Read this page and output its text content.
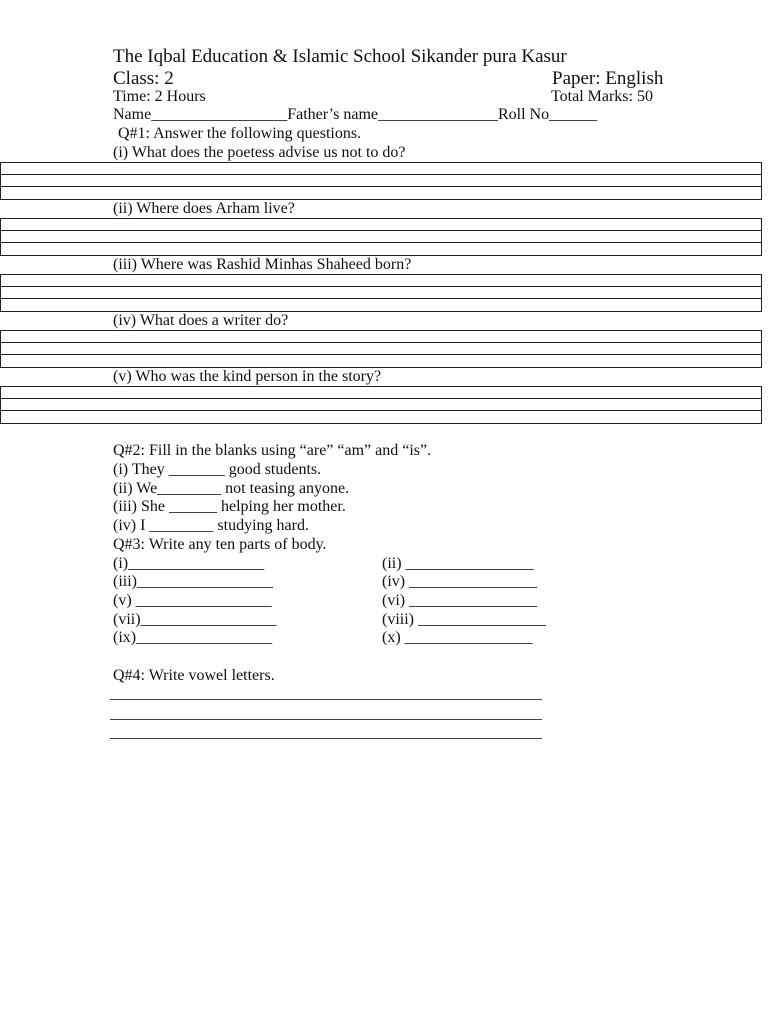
The Iqbal Education & Islamic School Sikander pura Kasur
Class: 2	Paper: English
Time: 2 Hours	Total Marks: 50
Name_________________Father’s name_______________Roll No______
Q#1: Answer the following questions.
(i) What does the poetess advise us not to do?
(ii) Where does Arham live?
(iii) Where was Rashid Minhas Shaheed born?
(iv) What does a writer do?
(v) Who was the kind person in the story?
Q#2: Fill in the blanks using “are” “am” and “is”.
(i) They _______ good students.
(ii) We________ not teasing anyone.
(iii) She ______ helping her mother.
(iv) I ________ studying hard.
Q#3: Write any ten parts of body.
(i)_________________
(iii)_________________
(v) _________________
(vii)_________________
(ix)_________________
(ii) ________________
(iv) ________________
(vi) ________________
(viii) ________________
(x) ________________
Q#4: Write vowel letters.
______________________________________________________
______________________________________________________
______________________________________________________
